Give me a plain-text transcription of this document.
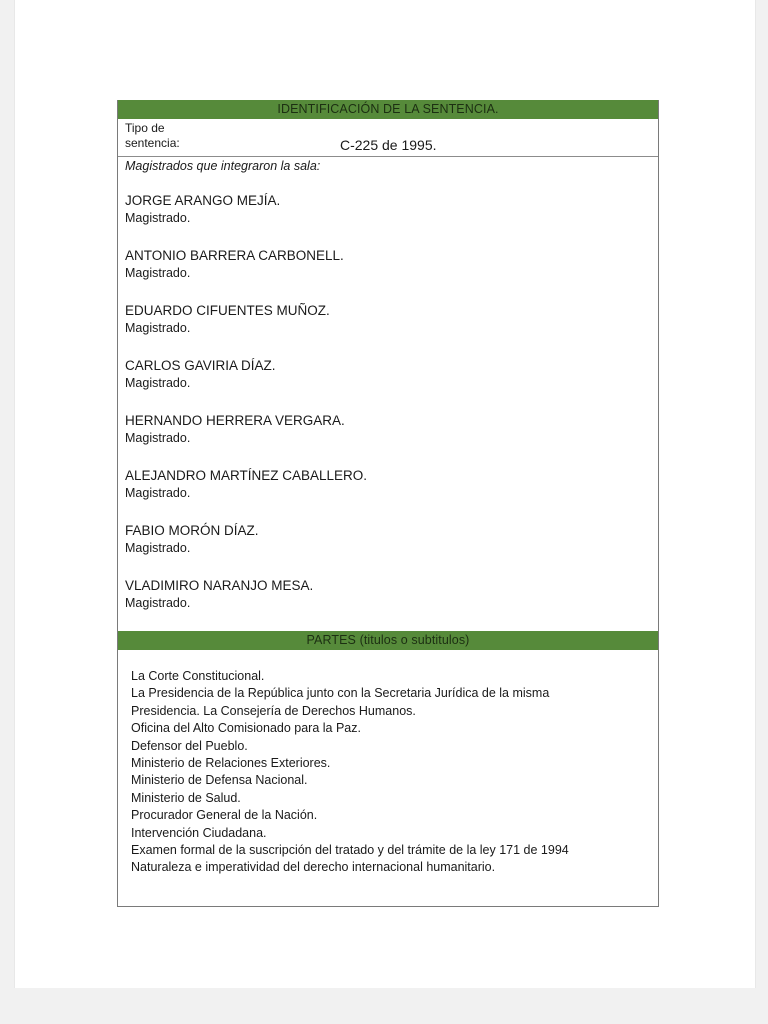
IDENTIFICACIÓN DE LA SENTENCIA.
Tipo de
sentencia:	C-225 de 1995.
Magistrados que integraron la sala:
JORGE ARANGO MEJÍA.
Magistrado.
ANTONIO BARRERA CARBONELL.
Magistrado.
EDUARDO CIFUENTES MUÑOZ.
Magistrado.
CARLOS GAVIRIA DÍAZ.
Magistrado.
HERNANDO HERRERA VERGARA.
Magistrado.
ALEJANDRO MARTÍNEZ CABALLERO.
Magistrado.
FABIO MORÓN DÍAZ.
Magistrado.
VLADIMIRO NARANJO MESA.
Magistrado.
PARTES (titulos o subtitulos)
La Corte Constitucional.
La Presidencia de la República junto con la Secretaria Jurídica de la misma
Presidencia. La Consejería de Derechos Humanos.
Oficina del Alto Comisionado para la Paz.
Defensor del Pueblo.
Ministerio de Relaciones Exteriores.
Ministerio de Defensa Nacional.
Ministerio de Salud.
Procurador General de la Nación.
Intervención Ciudadana.
Examen formal de la suscripción del tratado y del trámite de la ley 171 de 1994
Naturaleza e imperatividad del derecho internacional humanitario.
